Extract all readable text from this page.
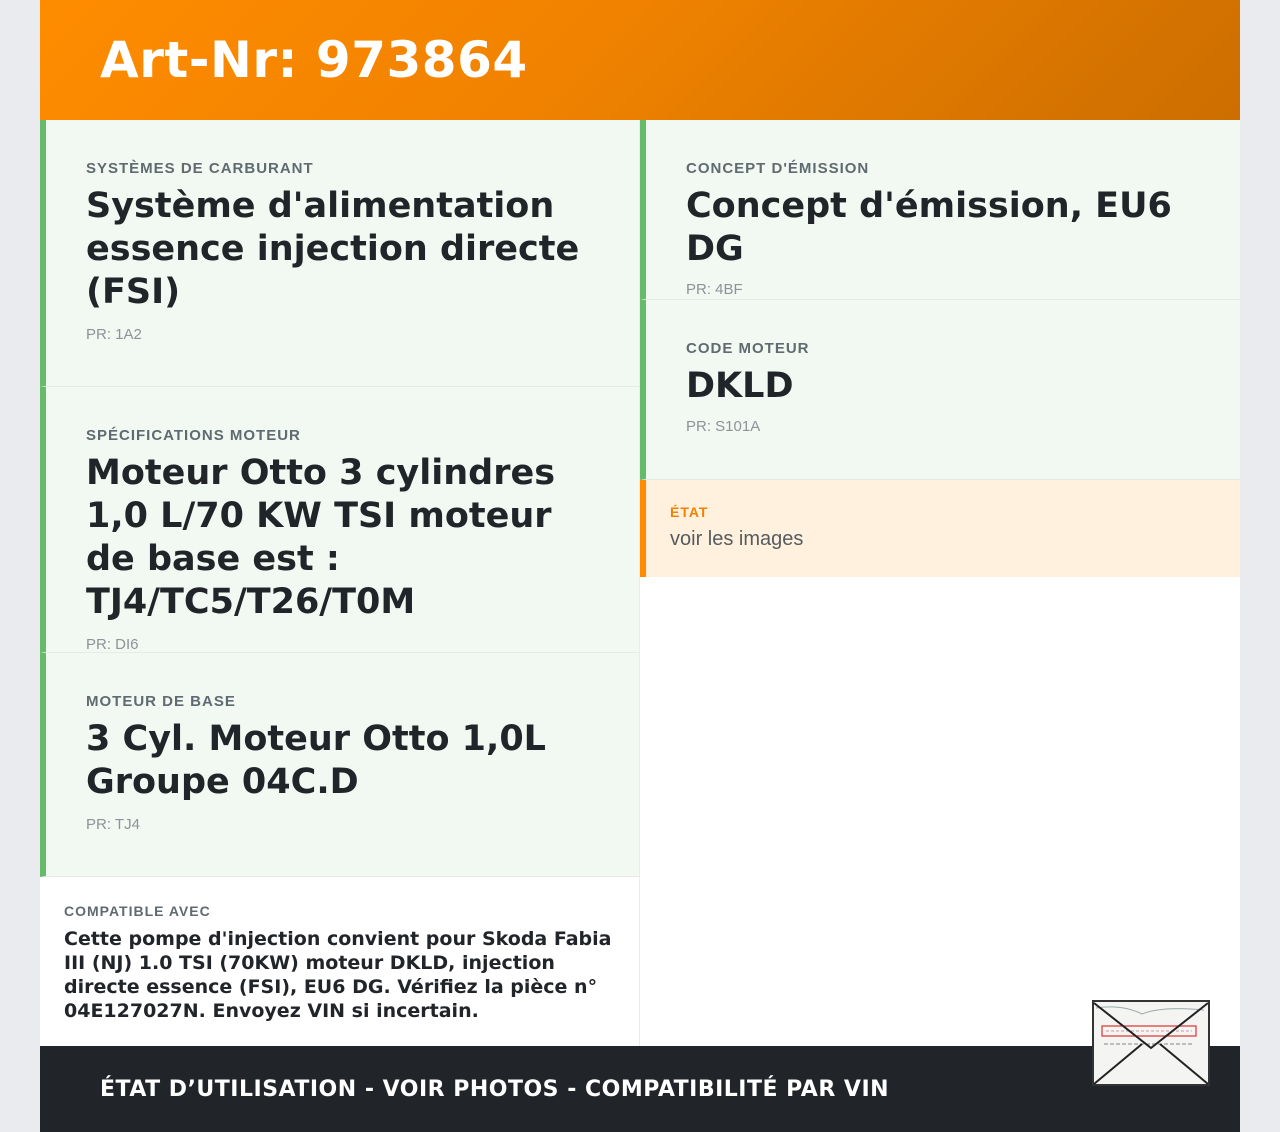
Art-Nr: 973864
SYSTÈMES DE CARBURANT
Système d'alimentation essence injection directe (FSI)
PR: 1A2
SPÉCIFICATIONS MOTEUR
Moteur Otto 3 cylindres 1,0 L/70 KW TSI moteur de base est : TJ4/TC5/T26/T0M
PR: DI6
MOTEUR DE BASE
3 Cyl. Moteur Otto 1,0L Groupe 04C.D
PR: TJ4
COMPATIBLE AVEC
Cette pompe d'injection convient pour Skoda Fabia III (NJ) 1.0 TSI (70KW) moteur DKLD, injection directe essence (FSI), EU6 DG. Vérifiez la pièce n° 04E127027N. Envoyez VIN si incertain.
CONCEPT D'ÉMISSION
Concept d'émission, EU6 DG
PR: 4BF
CODE MOTEUR
DKLD
PR: S101A
ÉTAT
voir les images
ÉTAT D’UTILISATION - VOIR PHOTOS - COMPATIBILITÉ PAR VIN
